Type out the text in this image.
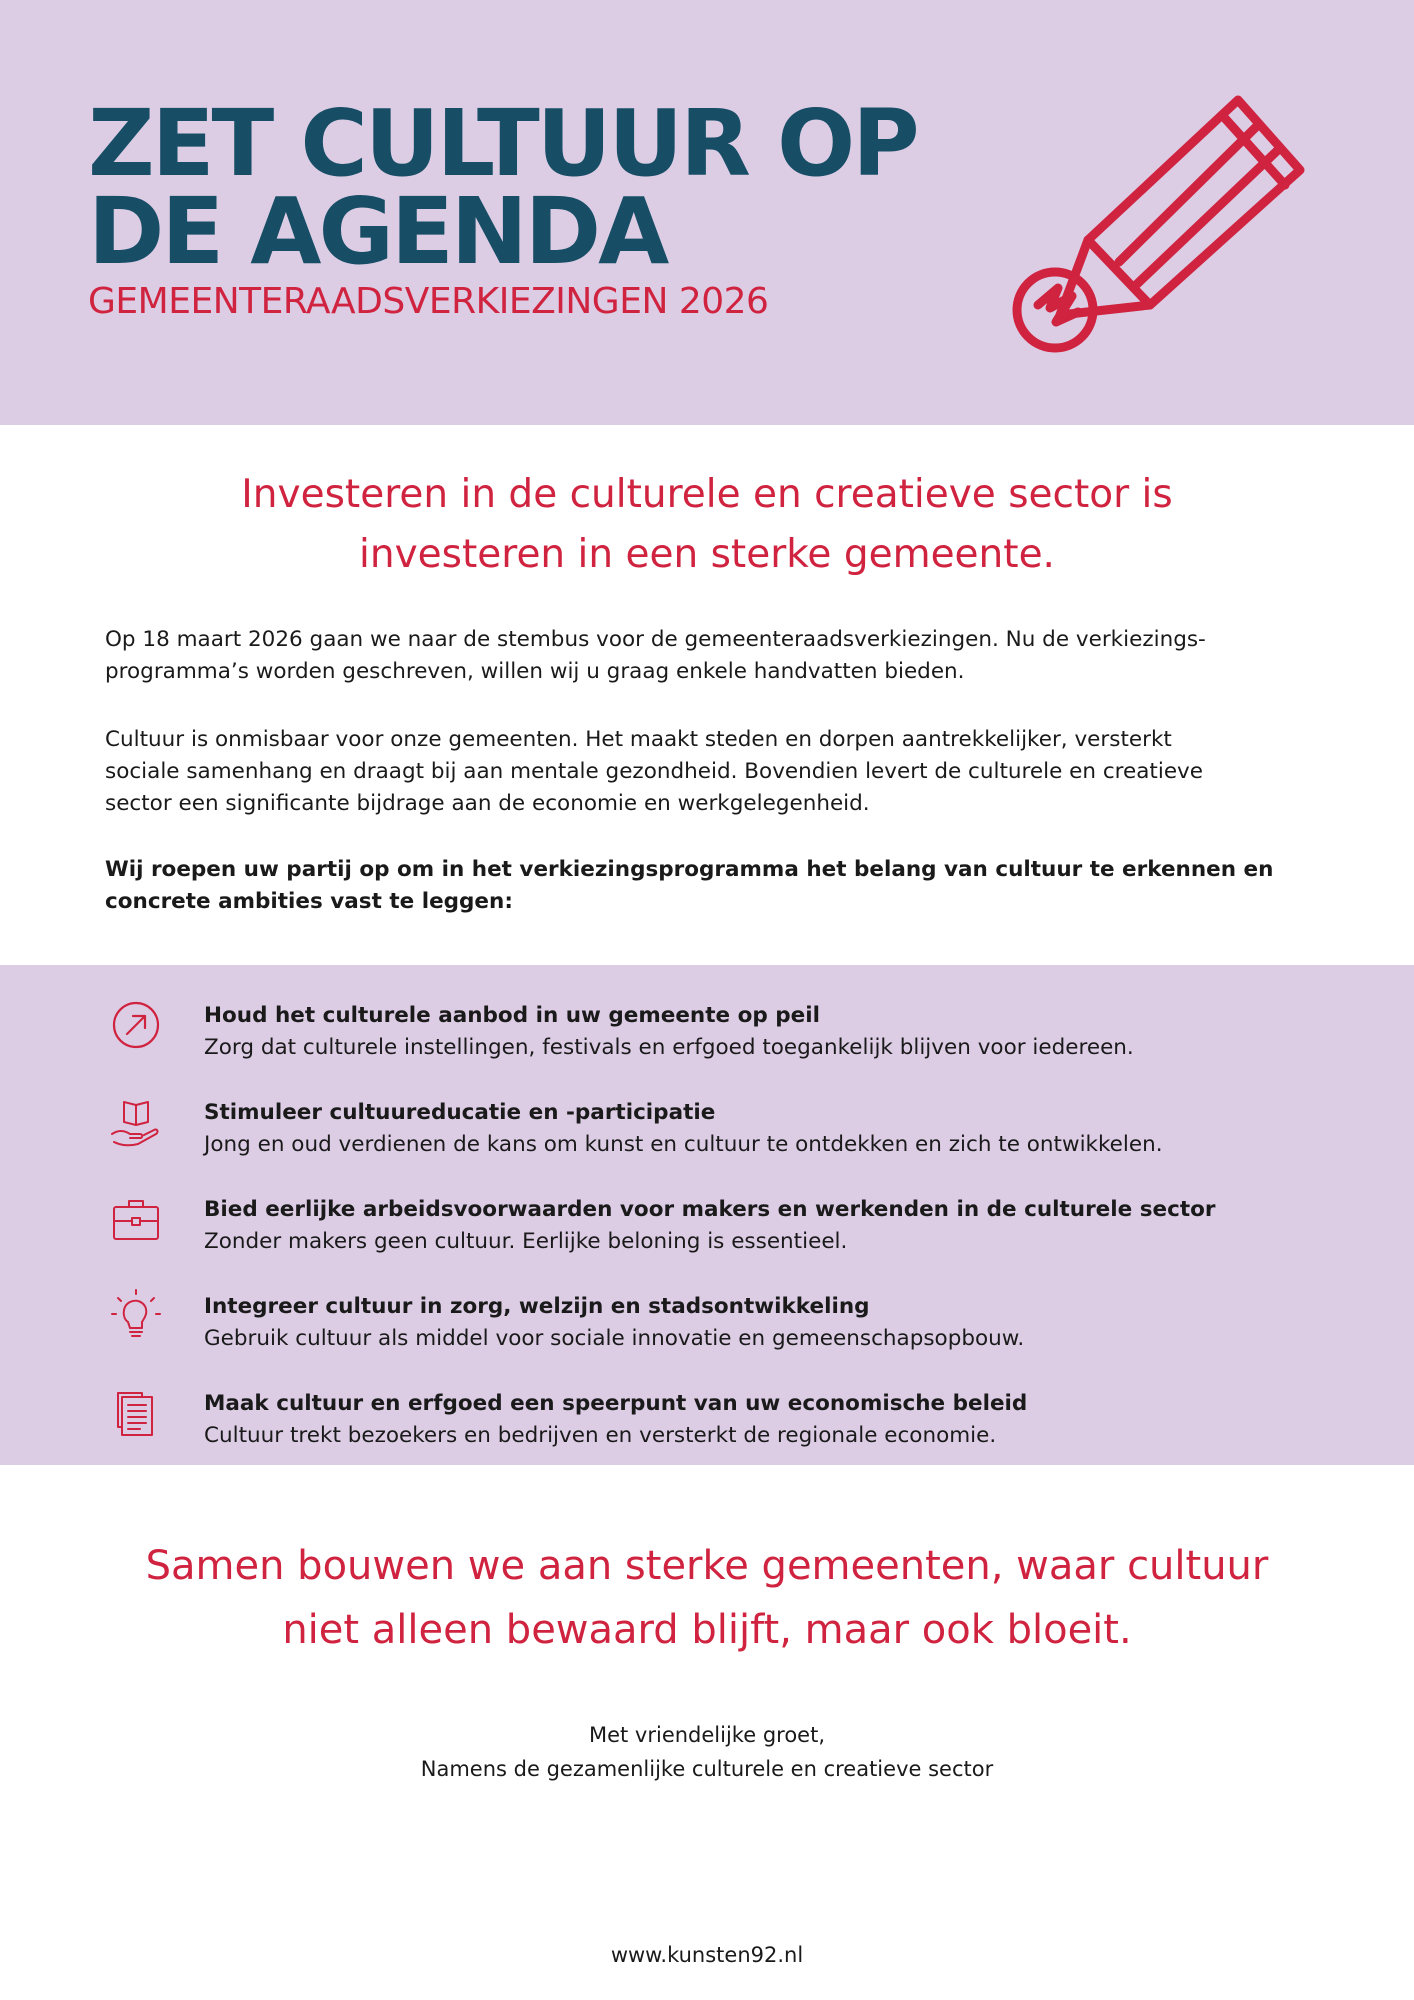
ZET CULTUUR OP
DE AGENDA
GEMEENTERAADSVERKIEZINGEN 2026
Investeren in de culturele en creatieve sector is
investeren in een sterke gemeente.
Op 18 maart 2026 gaan we naar de stembus voor de gemeenteraadsverkiezingen. Nu de verkiezings-
programma’s worden geschreven, willen wij u graag enkele handvatten bieden.
Cultuur is onmisbaar voor onze gemeenten. Het maakt steden en dorpen aantrekkelijker, versterkt
sociale samenhang en draagt bij aan mentale gezondheid. Bovendien levert de culturele en creatieve
sector een significante bijdrage aan de economie en werkgelegenheid.
Wij roepen uw partij op om in het verkiezingsprogramma het belang van cultuur te erkennen en
concrete ambities vast te leggen:
Houd het culturele aanbod in uw gemeente op peil
Zorg dat culturele instellingen, festivals en erfgoed toegankelijk blijven voor iedereen.
Stimuleer cultuureducatie en -participatie
Jong en oud verdienen de kans om kunst en cultuur te ontdekken en zich te ontwikkelen.
Bied eerlijke arbeidsvoorwaarden voor makers en werkenden in de culturele sector
Zonder makers geen cultuur. Eerlijke beloning is essentieel.
Integreer cultuur in zorg, welzijn en stadsontwikkeling
Gebruik cultuur als middel voor sociale innovatie en gemeenschapsopbouw.
Maak cultuur en erfgoed een speerpunt van uw economische beleid
Cultuur trekt bezoekers en bedrijven en versterkt de regionale economie.
Samen bouwen we aan sterke gemeenten, waar cultuur
niet alleen bewaard blijft, maar ook bloeit.
Met vriendelijke groet,
Namens de gezamenlijke culturele en creatieve sector
www.kunsten92.nl
